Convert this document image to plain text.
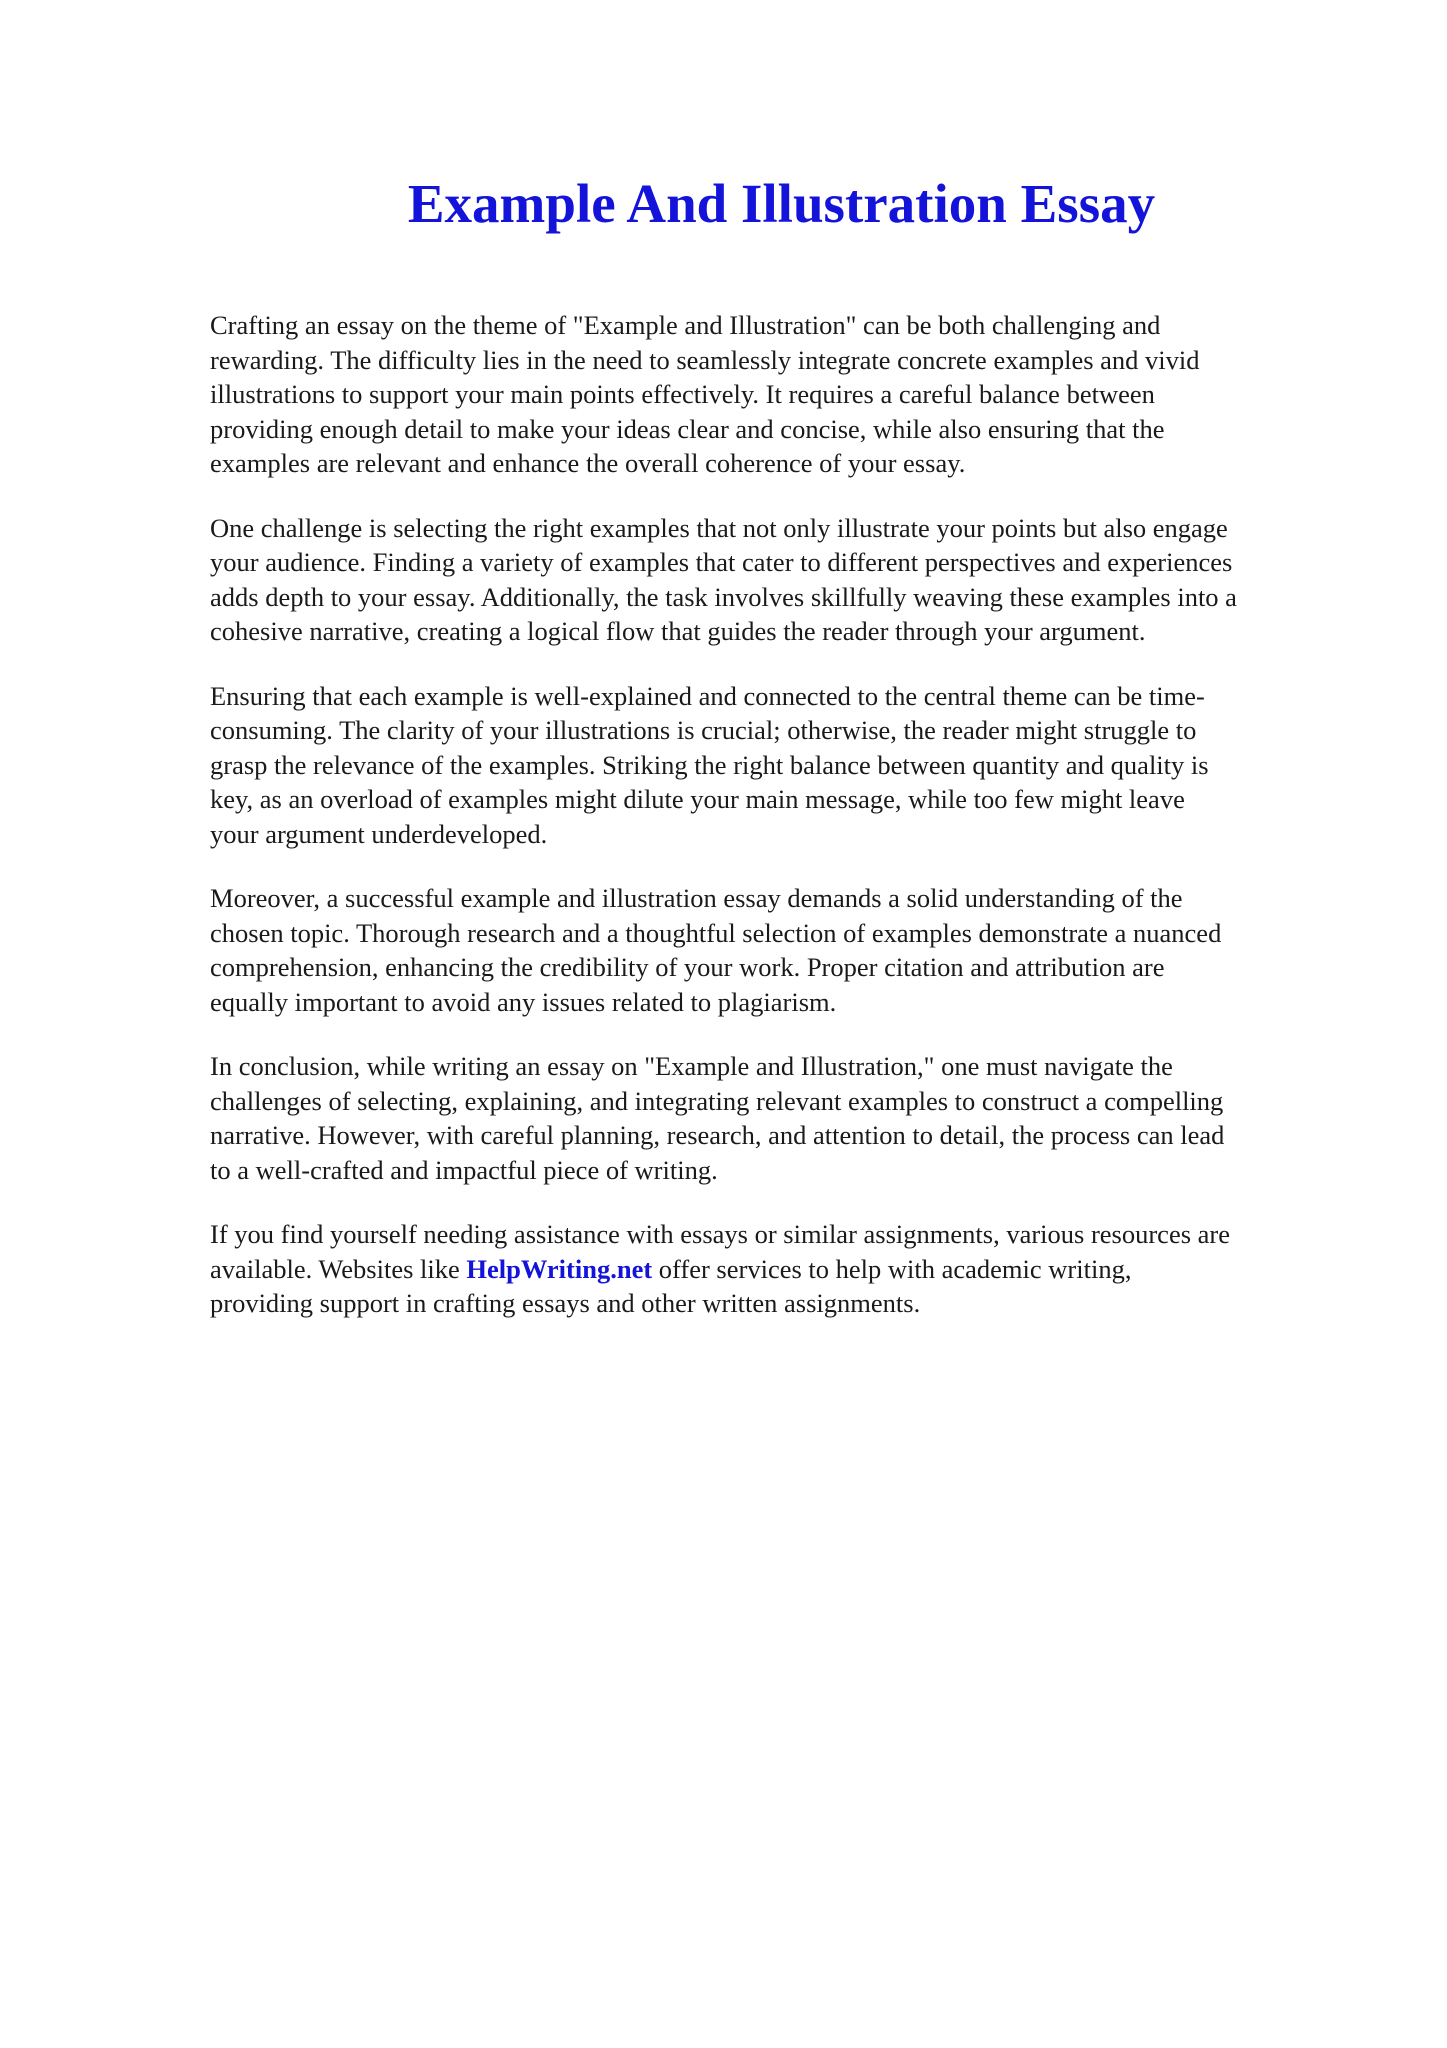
Example And Illustration Essay

Crafting an essay on the theme of "Example and Illustration" can be both challenging and
rewarding. The difficulty lies in the need to seamlessly integrate concrete examples and vivid
illustrations to support your main points effectively. It requires a careful balance between
providing enough detail to make your ideas clear and concise, while also ensuring that the
examples are relevant and enhance the overall coherence of your essay.

One challenge is selecting the right examples that not only illustrate your points but also engage
your audience. Finding a variety of examples that cater to different perspectives and experiences
adds depth to your essay. Additionally, the task involves skillfully weaving these examples into a
cohesive narrative, creating a logical flow that guides the reader through your argument.

Ensuring that each example is well-explained and connected to the central theme can be time-
consuming. The clarity of your illustrations is crucial; otherwise, the reader might struggle to
grasp the relevance of the examples. Striking the right balance between quantity and quality is
key, as an overload of examples might dilute your main message, while too few might leave
your argument underdeveloped.

Moreover, a successful example and illustration essay demands a solid understanding of the
chosen topic. Thorough research and a thoughtful selection of examples demonstrate a nuanced
comprehension, enhancing the credibility of your work. Proper citation and attribution are
equally important to avoid any issues related to plagiarism.

In conclusion, while writing an essay on "Example and Illustration," one must navigate the
challenges of selecting, explaining, and integrating relevant examples to construct a compelling
narrative. However, with careful planning, research, and attention to detail, the process can lead
to a well-crafted and impactful piece of writing.

If you find yourself needing assistance with essays or similar assignments, various resources are
available. Websites like HelpWriting.net offer services to help with academic writing,
providing support in crafting essays and other written assignments.
